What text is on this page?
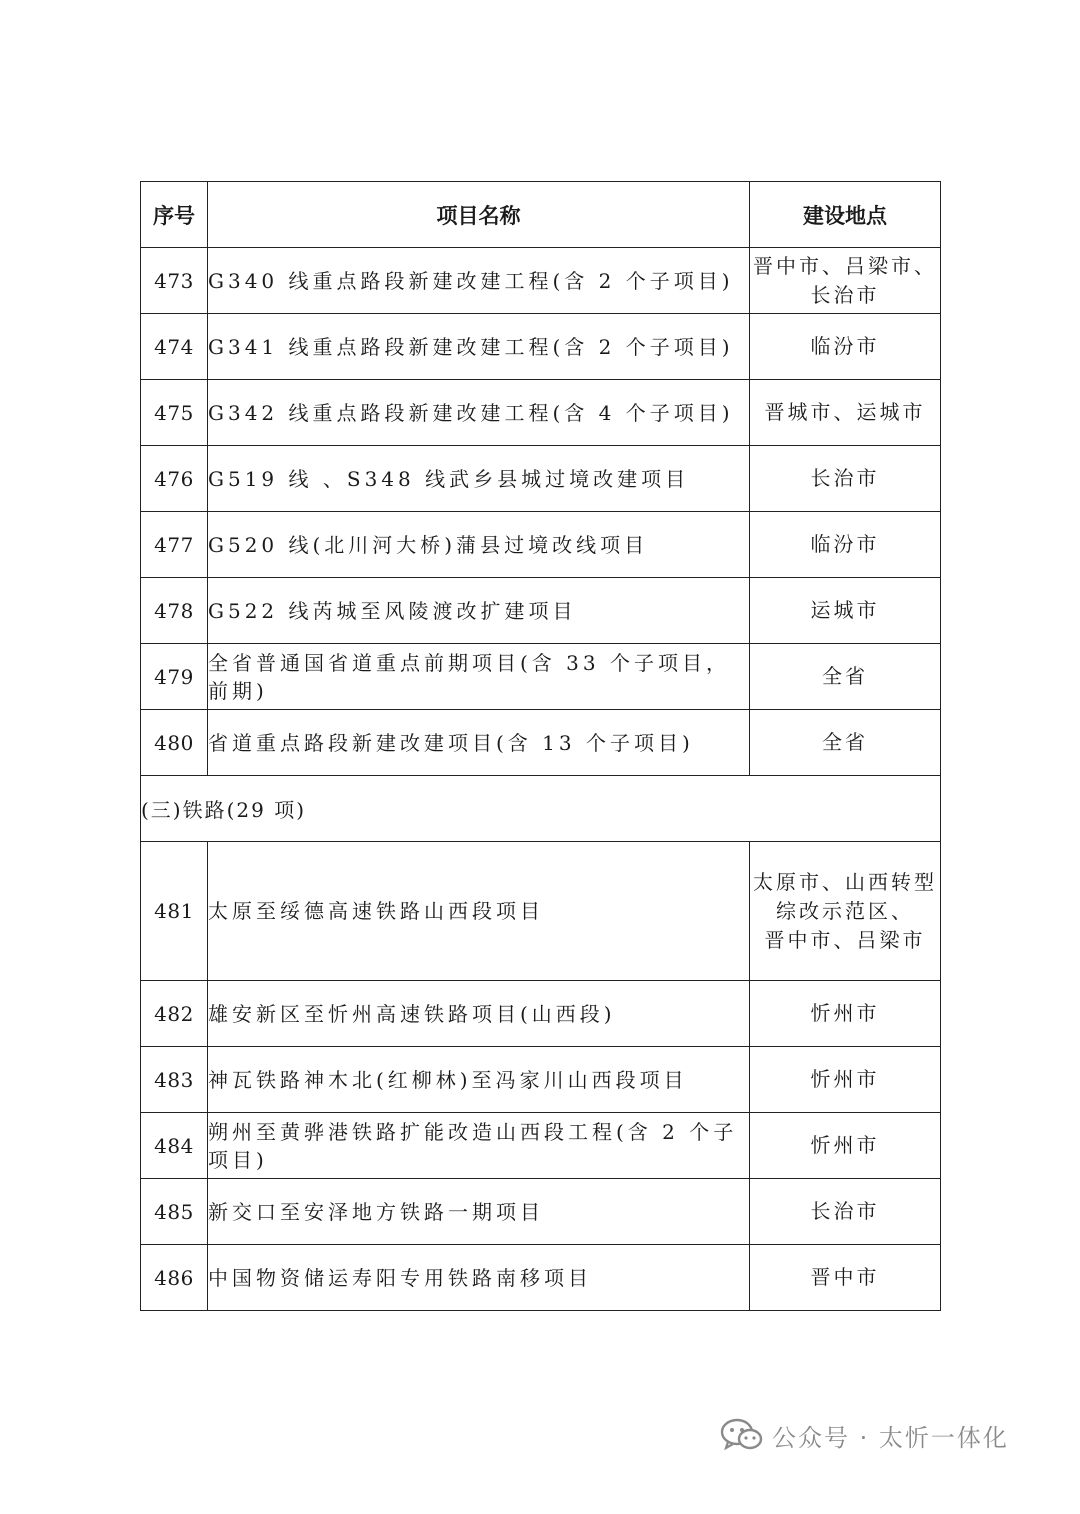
序号	项目名称	建设地点
473	G340 线重点路段新建改建工程(含 2 个子项目)	晋中市、吕梁市、
长治市

474	G341 线重点路段新建改建工程(含 2 个子项目)	临汾市

475	G342 线重点路段新建改建工程(含 4 个子项目)	晋城市、运城市

476	G519 线 、S348 线武乡县城过境改建项目	长治市

477	G520 线(北川河大桥)蒲县过境改线项目	临汾市

478	G522 线芮城至风陵渡改扩建项目	运城市

479	全省普通国省道重点前期项目(含 33 个子项目，前期)	全省

480	省道重点路段新建改建项目(含 13 个子项目)	全省

(三)铁路(29 项)		
481	太原至绥德高速铁路山西段项目	太原市、山西转型
综改示范区、
晋中市、吕梁市

482	雄安新区至忻州高速铁路项目(山西段)	忻州市

483	神瓦铁路神木北(红柳林)至冯家川山西段项目	忻州市

484	朔州至黄骅港铁路扩能改造山西段工程(含 2 个子项目)	忻州市

485	新交口至安泽地方铁路一期项目	长治市

486	中国物资储运寿阳专用铁路南移项目	晋中市
公众号 · 太忻一体化
